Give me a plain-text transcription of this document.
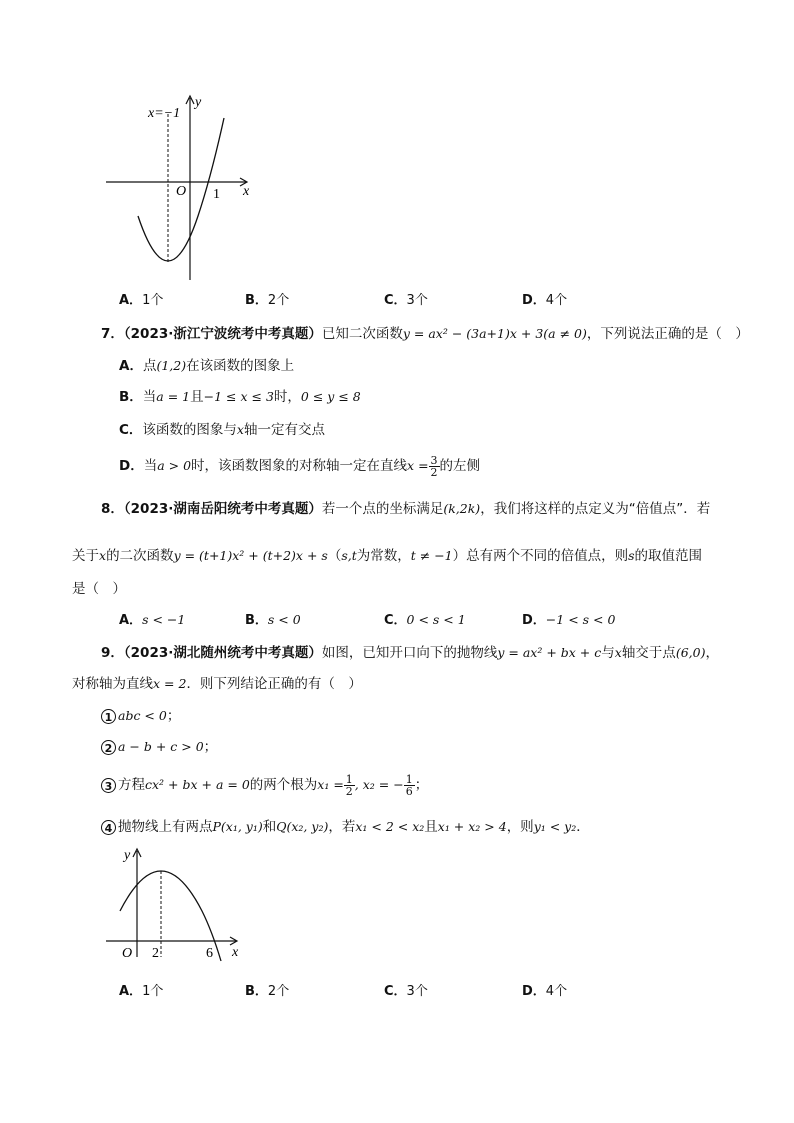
x=−1
y
O	x
1
A．1个	B．2个	C．3个	D．4个
7．（2023·浙江宁波统考中考真题）已知二次函数y = ax² − (3a+1)x + 3(a ≠ 0)，下列说法正确的是（　）
A．点(1,2)在该函数的图象上
B．当a = 1且−1 ≤ x ≤ 3时，0 ≤ y ≤ 8
C．该函数的图象与x轴一定有交点
D．当a > 0时，该函数图象的对称轴一定在直线$x = \frac{3}{2}$ 的左侧
8．（2023·湖南岳阳统考中考真题）若一个点的坐标满足(k,2k)，我们将这样的点定义为“倍值点”．若
关于x的二次函数y = (t+1)x² + (t+2)x + s（s,t为常数，t ≠ −1）总有两个不同的倍值点，则s的取值范围
是（　）
A．s < −1	B．s < 0	C．0 < s < 1	D．−1 < s < 0
9．（2023·湖北随州统考中考真题）如图，已知开口向下的抛物线y = ax² + bx + c与x轴交于点(6,0)，
对称轴为直线x = 2．则下列结论正确的有（　）
1 abc < 0；
2 a − b + c > 0；
3 方程cx² + bx + a = 0的两个根为$x_1 = \frac{1}{2}$ , x₂ = − $\frac{1}{6}$ ；
4 抛物线上有两点P(x₁, y₁)和Q(x₂, y₂)，若x₁ < 2 < x₂且x₁ + x₂ > 4，则y₁ < y₂．
y
O 2	6 x
A．1个	B．2个	C．3个	D．4个
